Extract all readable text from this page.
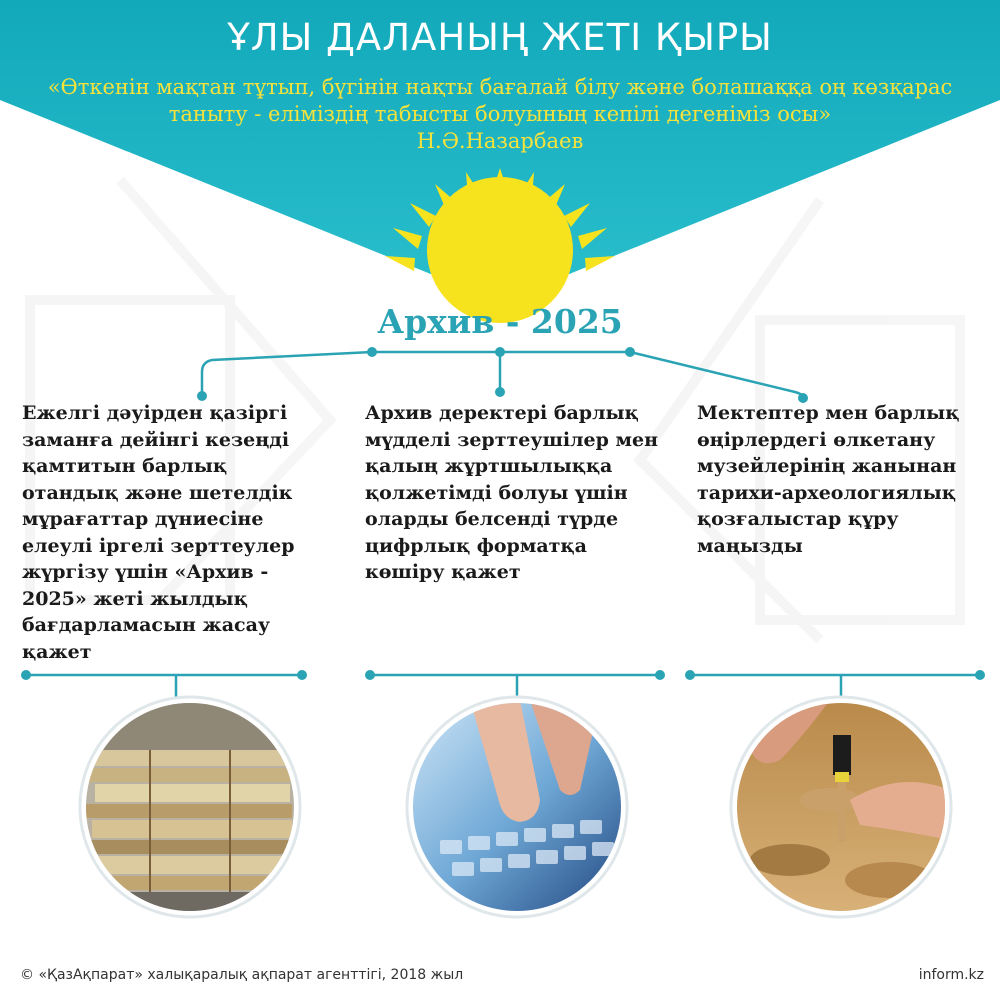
ҰЛЫ ДАЛАНЫҢ ЖЕТІ ҚЫРЫ

«Өткенін мақтан тұтып, бүгінін нақты бағалай білу және болашаққа оң көзқарас таныту - еліміздің табысты болуының кепілі дегеніміз осы»
Н.Ә.Назарбаев

Архив - 2025

Ежелгі дәуірден қазіргі заманға дейінгі кезеңді қамтитын барлық отандық және шетелдік мұрағаттар дүниесіне елеулі іргелі зерттеулер жүргізу үшін «Архив - 2025» жеті жылдық бағдарламасын жасау қажет

Архив деректері барлық мүдделі зерттеушілер мен қалың жұртшылыққа қолжетімді болуы үшін оларды белсенді түрде цифрлық форматқа көшіру қажет

Мектептер мен барлық өңірлердегі өлкетану музейлерінің жанынан тарихи-археологиялық қозғалыстар құру маңызды

© «ҚазАқпарат» халықаралық ақпарат агенттігі, 2018 жыл	inform.kz
